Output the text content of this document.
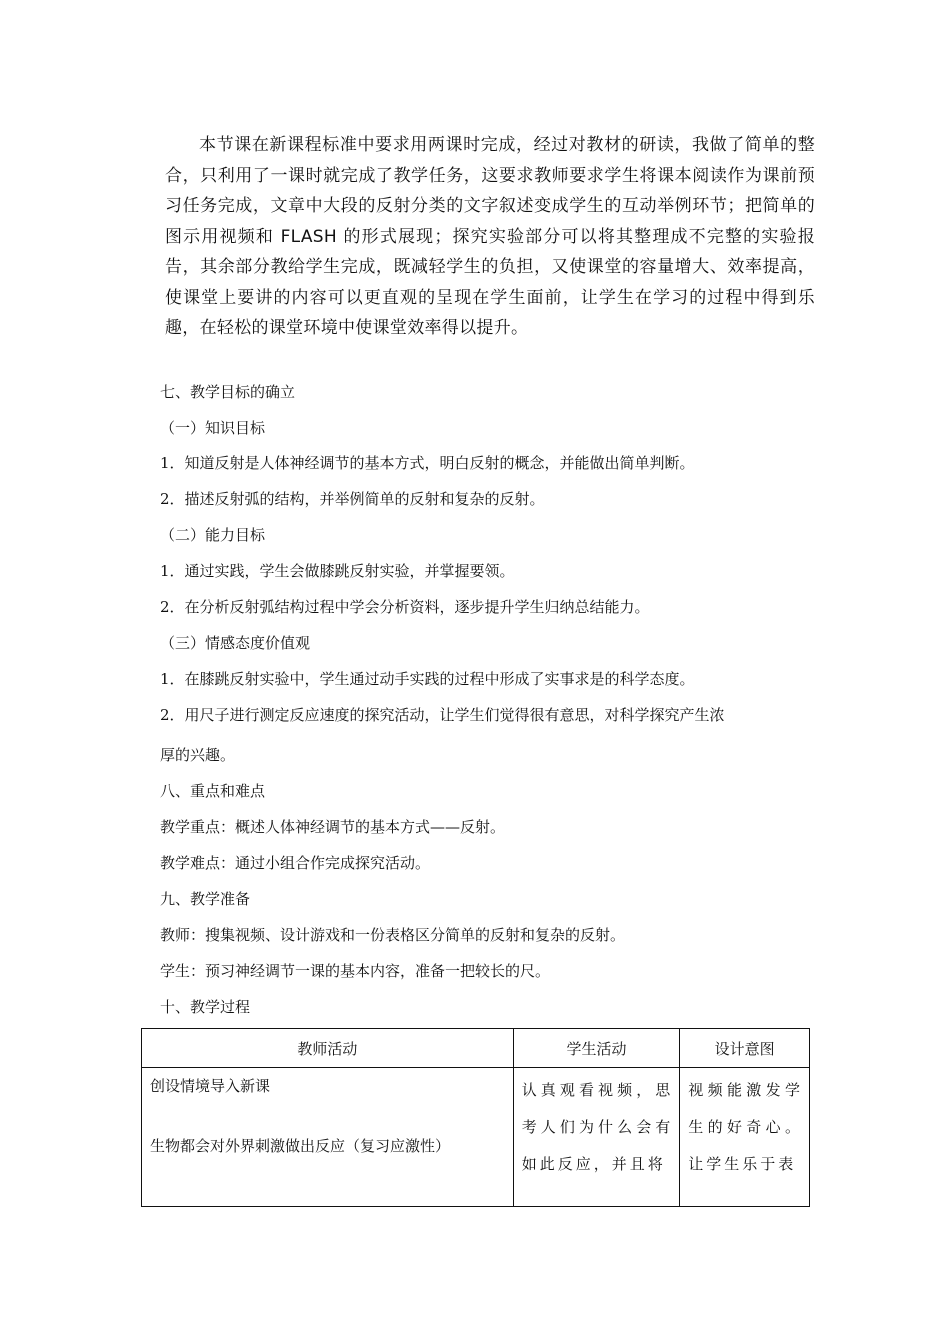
本节课在新课程标准中要求用两课时完成，经过对教材的研读，我做了简单的整合，只利用了一课时就完成了教学任务，这要求教师要求学生将课本阅读作为课前预习任务完成，文章中大段的反射分类的文字叙述变成学生的互动举例环节；把简单的图示用视频和 FLASH 的形式展现；探究实验部分可以将其整理成不完整的实验报告，其余部分教给学生完成，既减轻学生的负担，又使课堂的容量增大、效率提高，使课堂上要讲的内容可以更直观的呈现在学生面前，让学生在学习的过程中得到乐趣，在轻松的课堂环境中使课堂效率得以提升。

七、教学目标的确立
（一）知识目标
1．知道反射是人体神经调节的基本方式，明白反射的概念，并能做出简单判断。
2．描述反射弧的结构，并举例简单的反射和复杂的反射。
（二）能力目标
1．通过实践，学生会做膝跳反射实验，并掌握要领。
2．在分析反射弧结构过程中学会分析资料，逐步提升学生归纳总结能力。
（三）情感态度价值观
1．在膝跳反射实验中，学生通过动手实践的过程中形成了实事求是的科学态度。
2．用尺子进行测定反应速度的探究活动，让学生们觉得很有意思，对科学探究产生浓
厚的兴趣。
八、重点和难点
教学重点：概述人体神经调节的基本方式——反射。
教学难点：通过小组合作完成探究活动。
九、教学准备
教师：搜集视频、设计游戏和一份表格区分简单的反射和复杂的反射。
学生：预习神经调节一课的基本内容，准备一把较长的尺。
十、教学过程
教师活动	学生活动	设计意图

创设情境导入新课
生物都会对外界刺激做出反应（复习应激性）	认真观看视频，思考人们为什么会有如此反应，并且将	视频能激发学生的好奇心。让学生乐于表
